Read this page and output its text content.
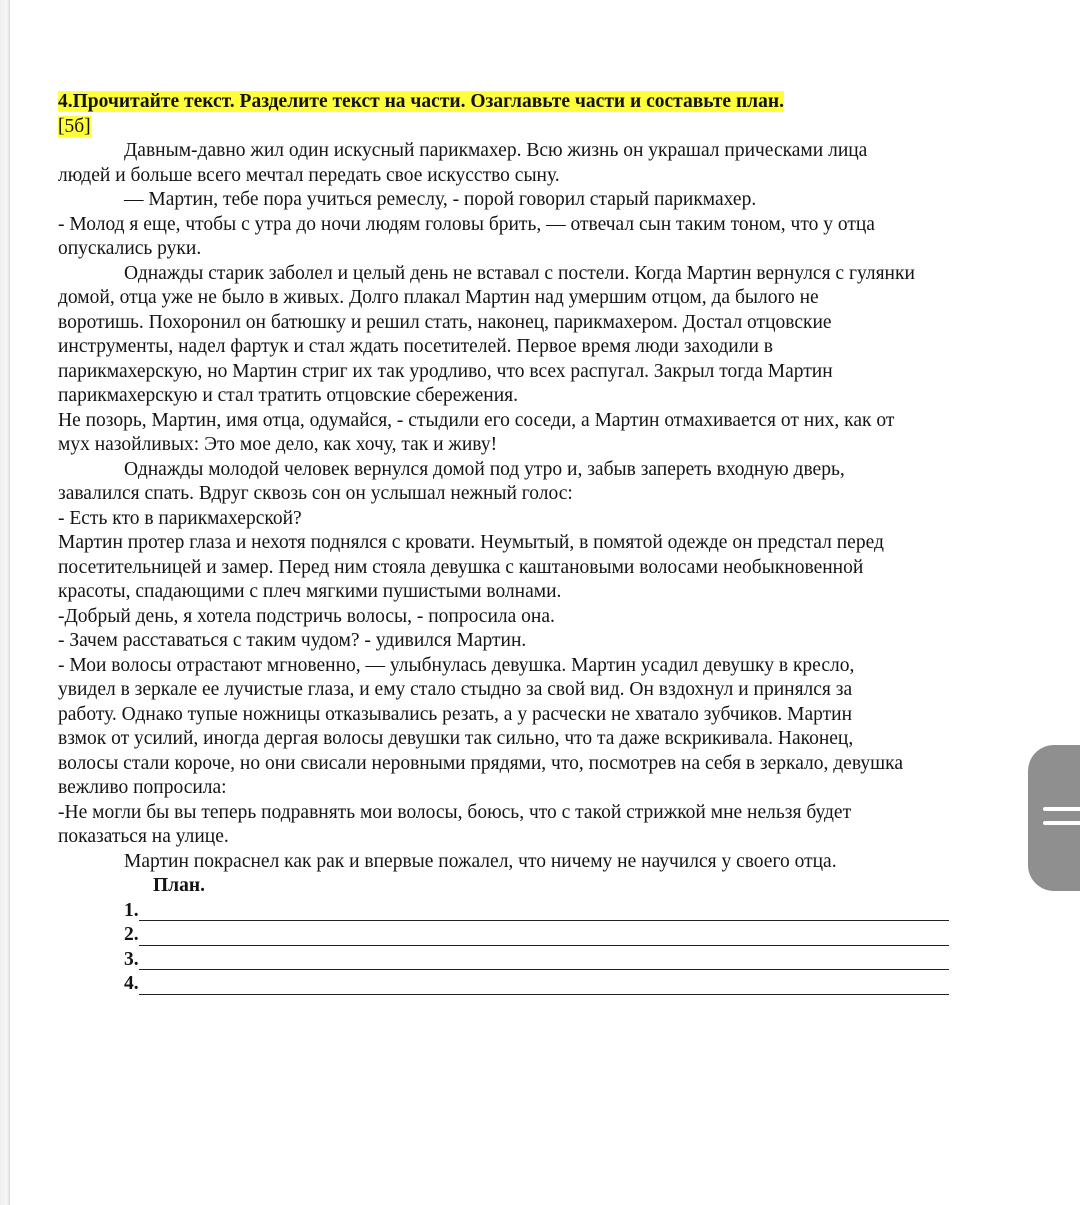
4.Прочитайте текст. Разделите текст на части. Озаглавьте части и составьте план.
[5б]
Давным-давно жил один искусный парикмахер. Всю жизнь он украшал прическами лица
людей и больше всего мечтал передать свое искусство сыну.
— Мартин, тебе пора учиться ремеслу, - порой говорил старый парикмахер.
- Молод я еще, чтобы с утра до ночи людям головы брить, — отвечал сын таким тоном, что у отца
опускались руки.
Однажды старик заболел и целый день не вставал с постели. Когда Мартин вернулся с гулянки
домой, отца уже не было в живых. Долго плакал Мартин над умершим отцом, да былого не
воротишь. Похоронил он батюшку и решил стать, наконец, парикмахером. Достал отцовские
инструменты, надел фартук и стал ждать посетителей. Первое время люди заходили в
парикмахерскую, но Мартин стриг их так уродливо, что всех распугал. Закрыл тогда Мартин
парикмахерскую и стал тратить отцовские сбережения.
Не позорь, Мартин, имя отца, одумайся, - стыдили его соседи, а Мартин отмахивается от них, как от
мух назойливых: Это мое дело, как хочу, так и живу!
Однажды молодой человек вернулся домой под утро и, забыв запереть входную дверь,
завалился спать. Вдруг сквозь сон он услышал нежный голос:
- Есть кто в парикмахерской?
Мартин протер глаза и нехотя поднялся с кровати. Неумытый, в помятой одежде он предстал перед
посетительницей и замер. Перед ним стояла девушка с каштановыми волосами необыкновенной
красоты, спадающими с плеч мягкими пушистыми волнами.
-Добрый день, я хотела подстричь волосы, - попросила она.
- Зачем расставаться с таким чудом? - удивился Мартин.
- Мои волосы отрастают мгновенно, — улыбнулась девушка. Мартин усадил девушку в кресло,
увидел в зеркале ее лучистые глаза, и ему стало стыдно за свой вид. Он вздохнул и принялся за
работу. Однако тупые ножницы отказывались резать, а у расчески не хватало зубчиков. Мартин
взмок от усилий, иногда дергая волосы девушки так сильно, что та даже вскрикивала. Наконец,
волосы стали короче, но они свисали неровными прядями, что, посмотрев на себя в зеркало, девушка
вежливо попросила:
-Не могли бы вы теперь подравнять мои волосы, боюсь, что с такой стрижкой мне нельзя будет
показаться на улице.
Мартин покраснел как рак и впервые пожалел, что ничему не научился у своего отца.
План.
1.
2.
3.
4.
